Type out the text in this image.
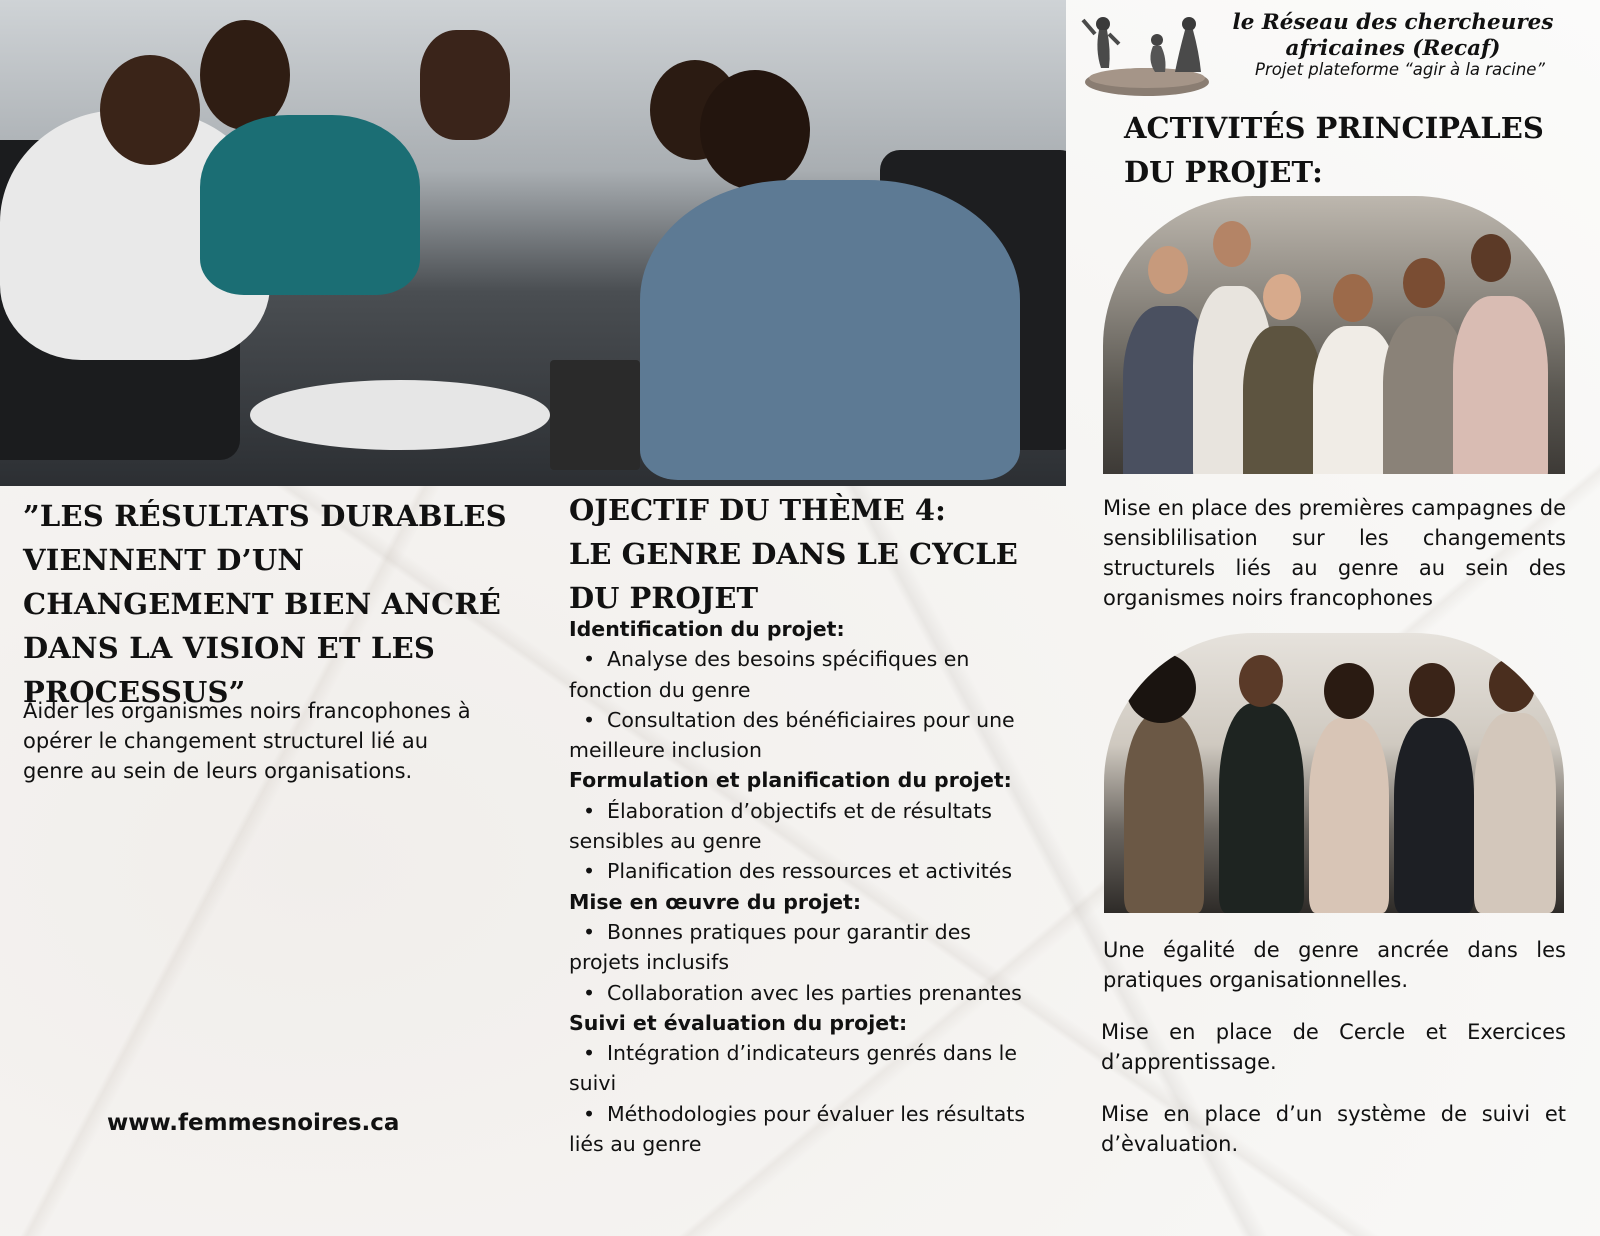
”LES RÉSULTATS DURABLES VIENNENT D’UN CHANGEMENT BIEN ANCRÉ DANS LA VISION ET LES PROCESSUS”
Aider les organismes noirs francophones à opérer le changement structurel lié au genre au sein de leurs organisations.
www.femmesnoires.ca
OJECTIF DU THÈME 4:
LE GENRE DANS LE CYCLE DU PROJET
Identification du projet:
• Analyse des besoins spécifiques en fonction du genre
• Consultation des bénéficiaires pour une meilleure inclusion
Formulation et planification du projet:
• Élaboration d’objectifs et de résultats sensibles au genre
• Planification des ressources et activités
Mise en œuvre du projet:
• Bonnes pratiques pour garantir des projets inclusifs
• Collaboration avec les parties prenantes
Suivi et évaluation du projet:
• Intégration d’indicateurs genrés dans le suivi
• Méthodologies pour évaluer les résultats liés au genre
le Réseau des chercheures africaines (Recaf)
Projet plateforme “agir à la racine”
ACTIVITÉS PRINCIPALES DU PROJET:
Mise en place des premières campagnes de sensiblilisation sur les changements structurels liés au genre au sein des organismes noirs francophones
Une égalité de genre ancrée dans les pratiques organisationnelles.
Mise en place de Cercle et Exercices d’apprentissage.
Mise en place d’un système de suivi et d’èvaluation.
